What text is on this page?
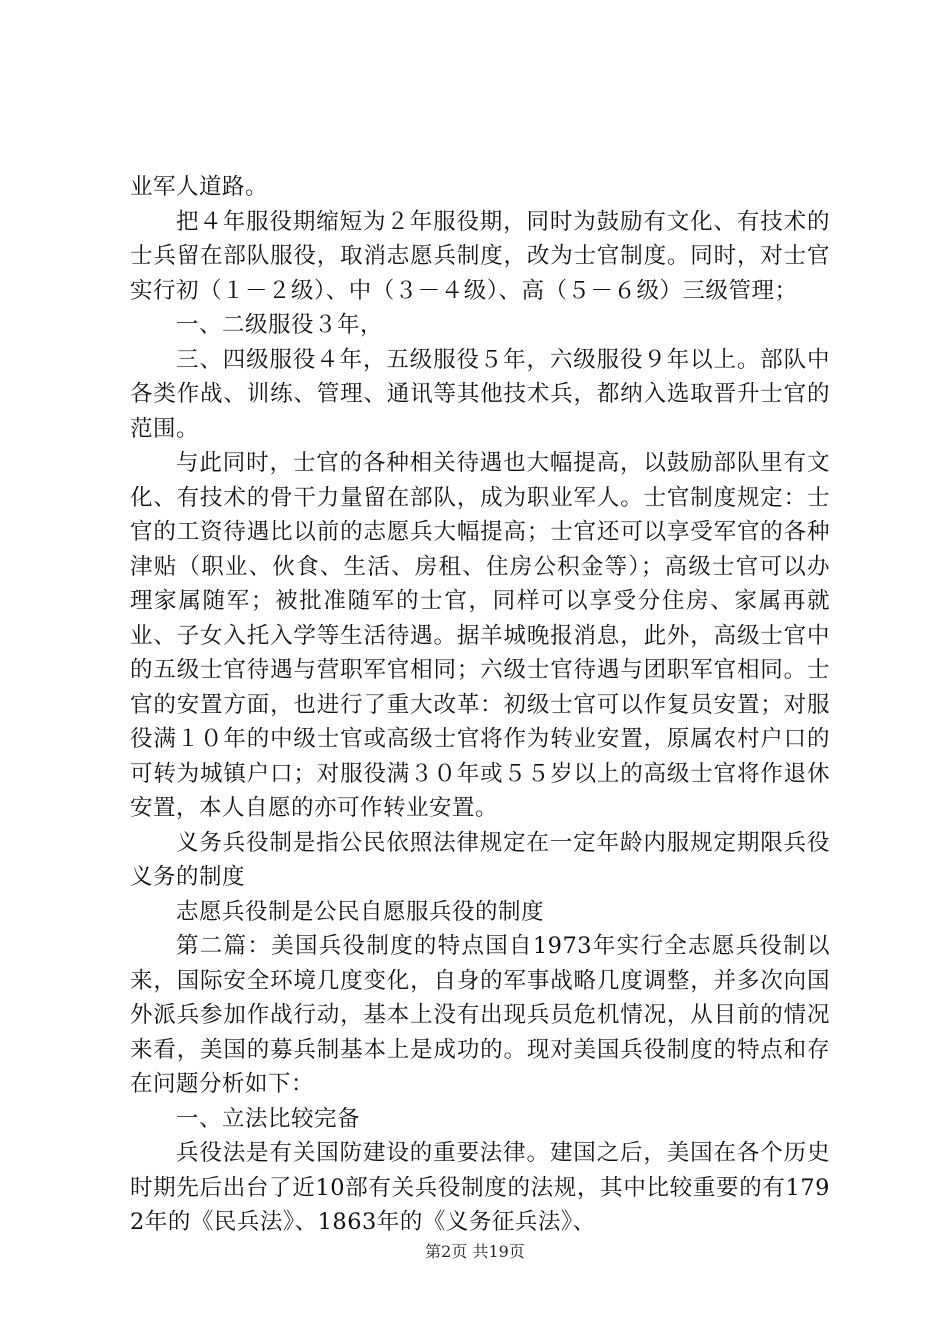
业军人道路。

把４年服役期缩短为２年服役期，同时为鼓励有文化、有技术的士兵留在部队服役，取消志愿兵制度，改为士官制度。同时，对士官实行初（１－２级）、中（３－４级）、高（５－６级）三级管理；

一、二级服役３年，

三、四级服役４年，五级服役５年，六级服役９年以上。部队中各类作战、训练、管理、通讯等其他技术兵，都纳入选取晋升士官的范围。

与此同时，士官的各种相关待遇也大幅提高，以鼓励部队里有文化、有技术的骨干力量留在部队，成为职业军人。士官制度规定：士官的工资待遇比以前的志愿兵大幅提高；士官还可以享受军官的各种津贴（职业、伙食、生活、房租、住房公积金等）；高级士官可以办理家属随军；被批准随军的士官，同样可以享受分住房、家属再就业、子女入托入学等生活待遇。据羊城晚报消息，此外，高级士官中的五级士官待遇与营职军官相同；六级士官待遇与团职军官相同。士官的安置方面，也进行了重大改革：初级士官可以作复员安置；对服役满１０年的中级士官或高级士官将作为转业安置，原属农村户口的可转为城镇户口；对服役满３０年或５５岁以上的高级士官将作退休安置，本人自愿的亦可作转业安置。

义务兵役制是指公民依照法律规定在一定年龄内服规定期限兵役义务的制度

志愿兵役制是公民自愿服兵役的制度

第二篇：美国兵役制度的特点国自1973年实行全志愿兵役制以来，国际安全环境几度变化，自身的军事战略几度调整，并多次向国外派兵参加作战行动，基本上没有出现兵员危机情况，从目前的情况来看，美国的募兵制基本上是成功的。现对美国兵役制度的特点和存在问题分析如下：

一、立法比较完备

兵役法是有关国防建设的重要法律。建国之后，美国在各个历史时期先后出台了近10部有关兵役制度的法规，其中比较重要的有1792年的《民兵法》、1863年的《义务征兵法》、

第2页 共19页
